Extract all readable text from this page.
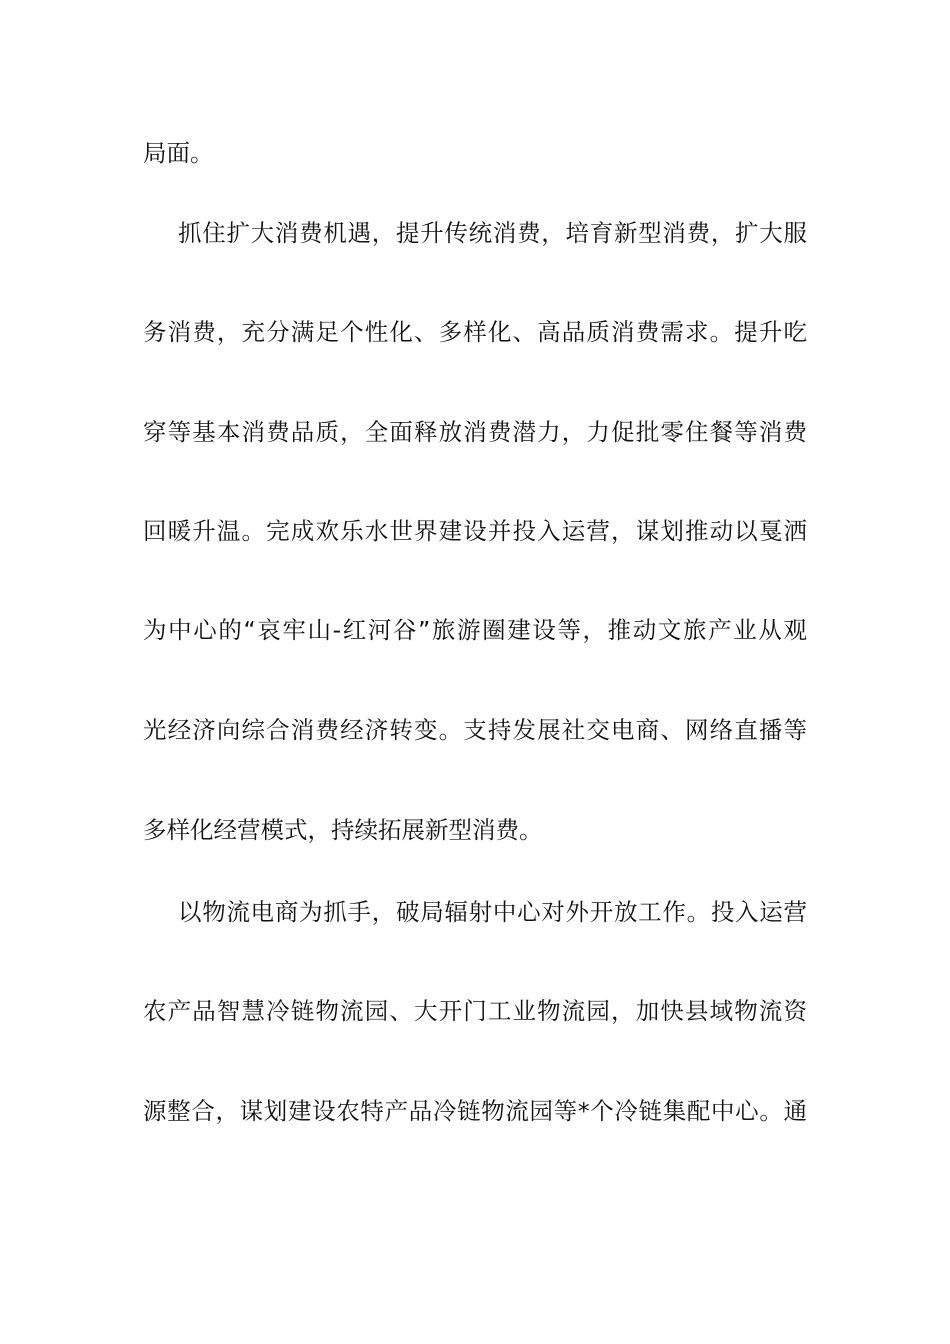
局面。
抓住扩大消费机遇，提升传统消费，培育新型消费，扩大服
务消费，充分满足个性化、多样化、高品质消费需求。提升吃
穿等基本消费品质，全面释放消费潜力，力促批零住餐等消费
回暖升温。完成欢乐水世界建设并投入运营，谋划推动以戛洒
为中心的“哀牢山-红河谷”旅游圈建设等，推动文旅产业从观
光经济向综合消费经济转变。支持发展社交电商、网络直播等
多样化经营模式，持续拓展新型消费。
以物流电商为抓手，破局辐射中心对外开放工作。投入运营
农产品智慧冷链物流园、大开门工业物流园，加快县域物流资
源整合，谋划建设农特产品冷链物流园等*个冷链集配中心。通
